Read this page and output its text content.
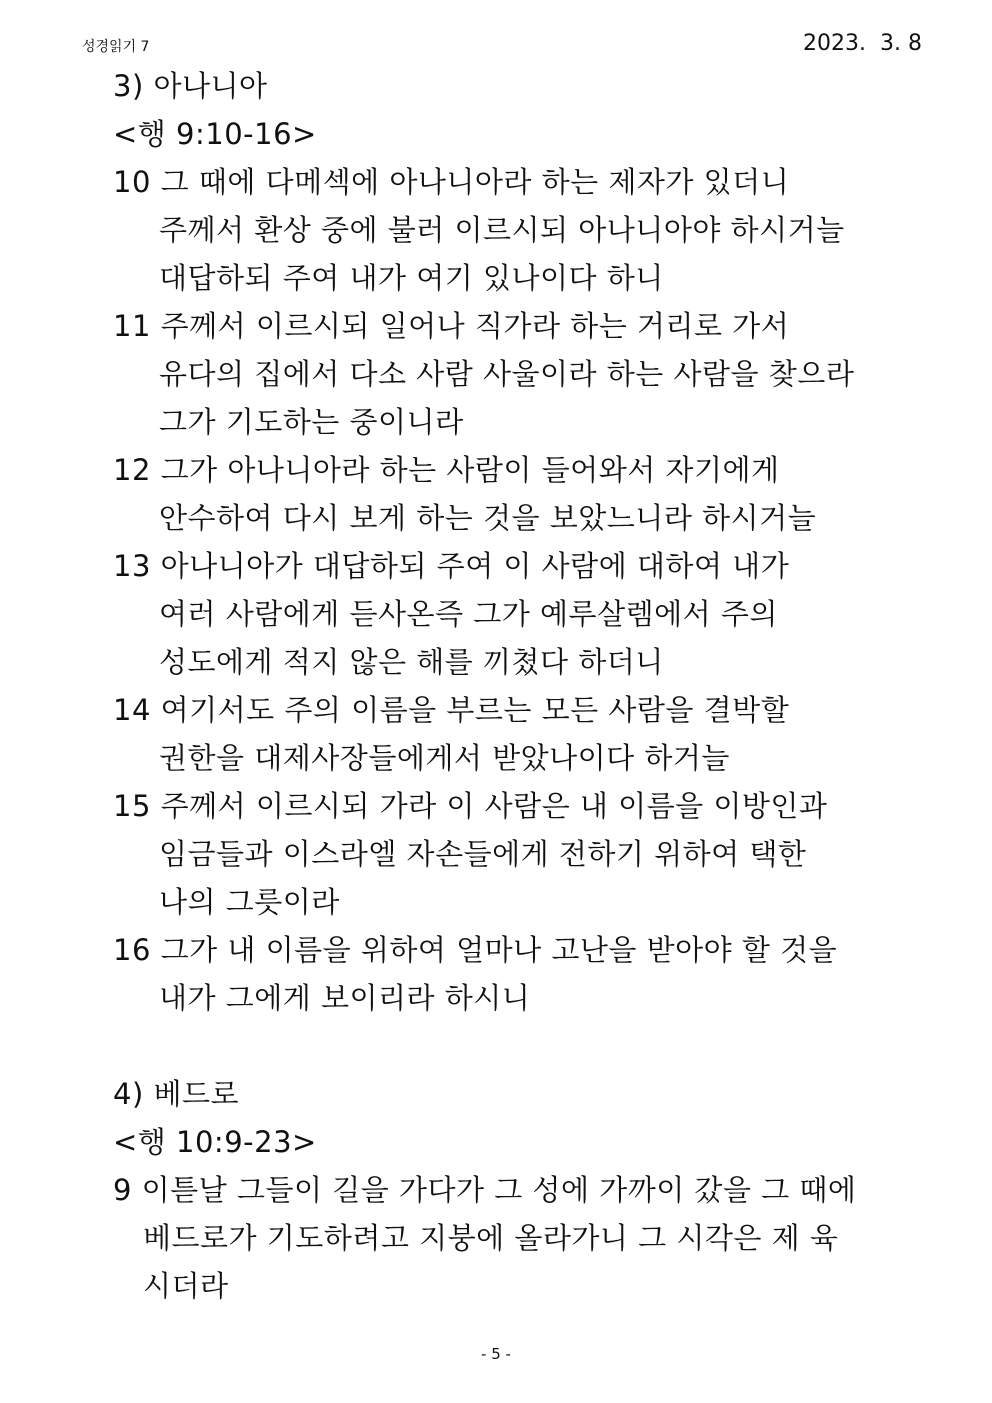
성경읽기 7	2023.  3. 8
3) 아나니아
<행 9:10-16>
10 그 때에 다메섹에 아나니아라 하는 제자가 있더니
주께서 환상 중에 불러 이르시되 아나니아야 하시거늘
대답하되 주여 내가 여기 있나이다 하니
11 주께서 이르시되 일어나 직가라 하는 거리로 가서
유다의 집에서 다소 사람 사울이라 하는 사람을 찾으라
그가 기도하는 중이니라
12 그가 아나니아라 하는 사람이 들어와서 자기에게
안수하여 다시 보게 하는 것을 보았느니라 하시거늘
13 아나니아가 대답하되 주여 이 사람에 대하여 내가
여러 사람에게 듣사온즉 그가 예루살렘에서 주의
성도에게 적지 않은 해를 끼쳤다 하더니
14 여기서도 주의 이름을 부르는 모든 사람을 결박할
권한을 대제사장들에게서 받았나이다 하거늘
15 주께서 이르시되 가라 이 사람은 내 이름을 이방인과
임금들과 이스라엘 자손들에게 전하기 위하여 택한
나의 그릇이라
16 그가 내 이름을 위하여 얼마나 고난을 받아야 할 것을
내가 그에게 보이리라 하시니
4) 베드로
<행 10:9-23>
9 이튿날 그들이 길을 가다가 그 성에 가까이 갔을 그 때에
베드로가 기도하려고 지붕에 올라가니 그 시각은 제 육
시더라
- 5 -
